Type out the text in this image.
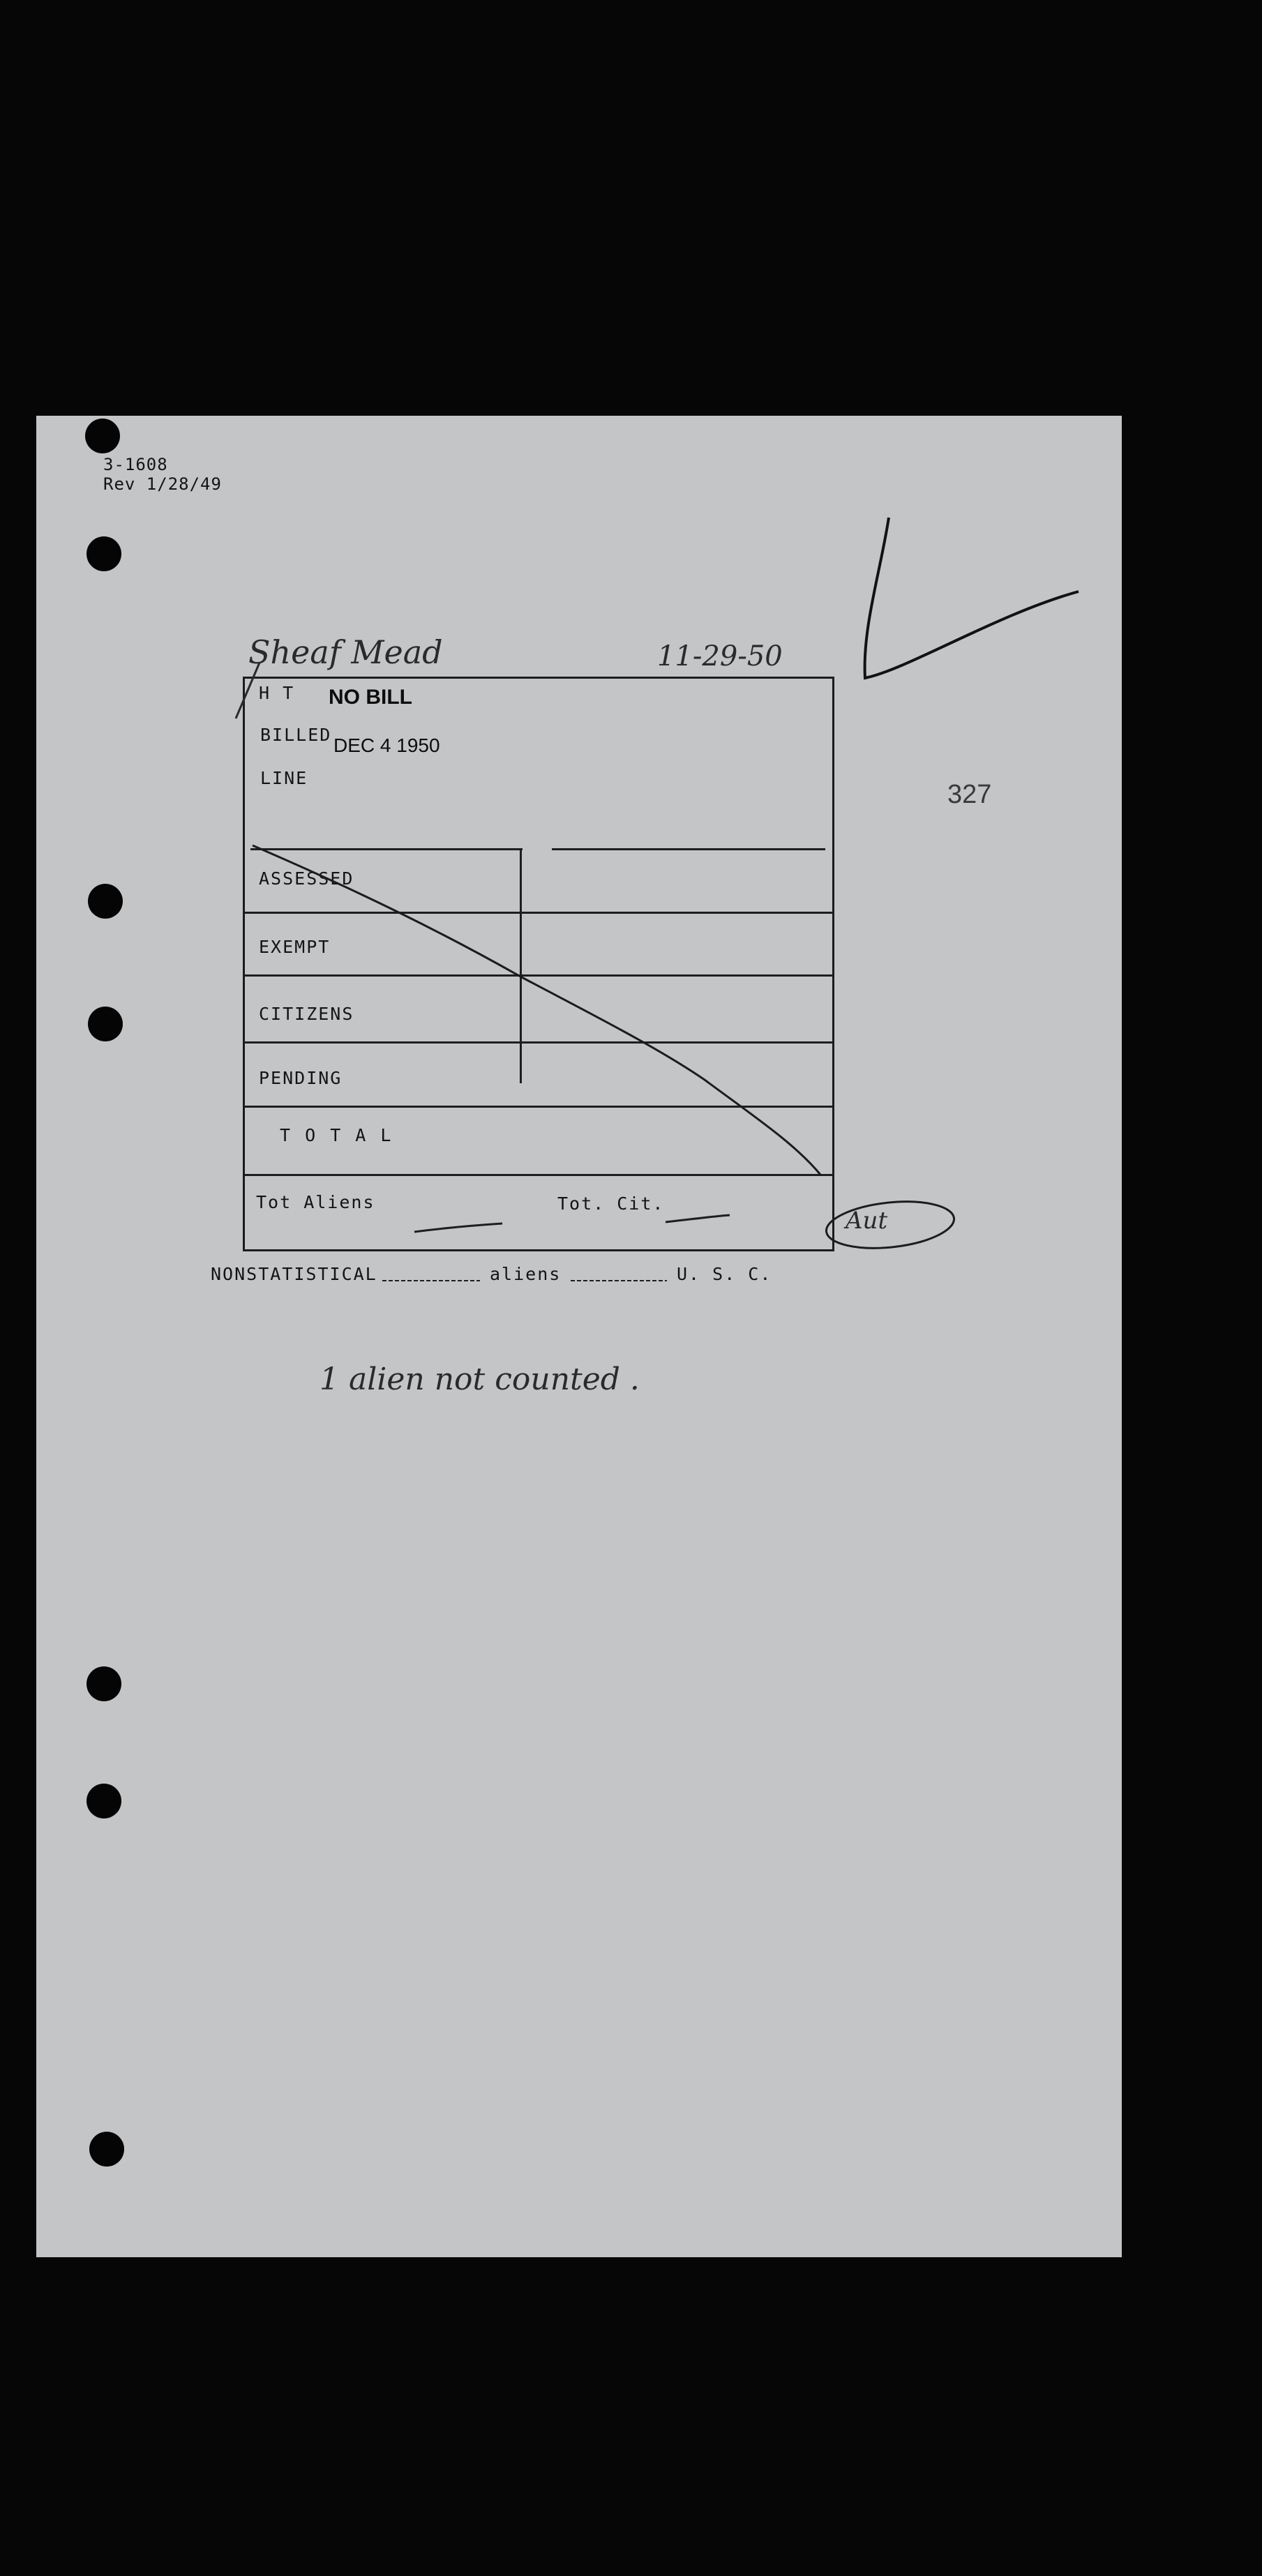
3-1608
Rev 1/28/49
Sheaf Mead	11-29-50
327
H T NO BILL
BILLED DEC 4 1950
LINE
ASSESSED
EXEMPT
CITIZENS
PENDING
T O T A L
Tot Aliens	Tot. Cit.
NONSTATISTICAL	aliens	U. S. C.
Aut
1 alien not counted .
